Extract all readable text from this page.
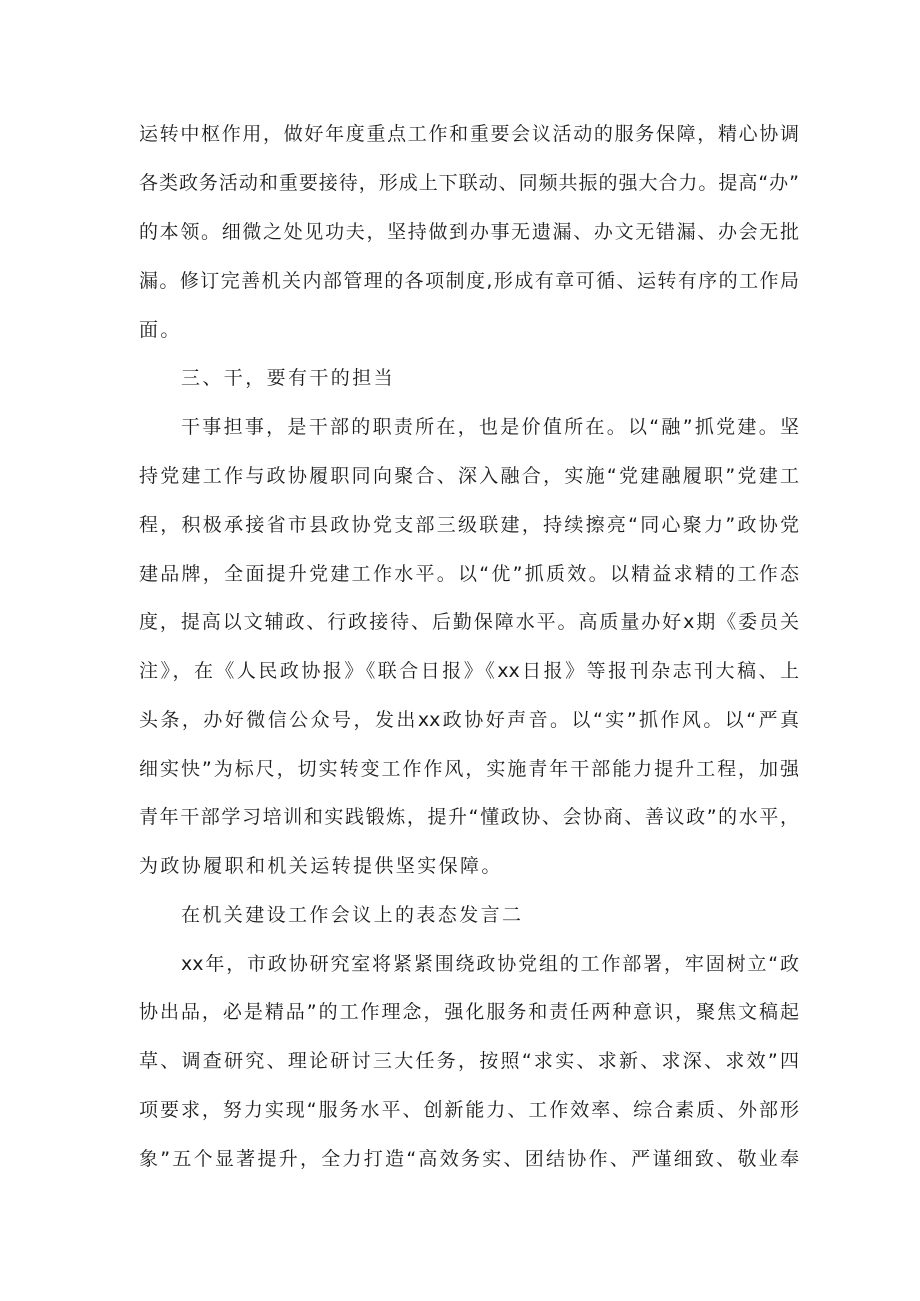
运转中枢作用，做好年度重点工作和重要会议活动的服务保障，精心协调

各类政务活动和重要接待，形成上下联动、同频共振的强大合力。提高“办”

的本领。细微之处见功夫，坚持做到办事无遗漏、办文无错漏、办会无批

漏。修订完善机关内部管理的各项制度,形成有章可循、运转有序的工作局

面。

三、干，要有干的担当

干事担事，是干部的职责所在，也是价值所在。以“融”抓党建。坚

持党建工作与政协履职同向聚合、深入融合，实施“党建融履职”党建工

程，积极承接省市县政协党支部三级联建，持续擦亮“同心聚力”政协党

建品牌，全面提升党建工作水平。以“优”抓质效。以精益求精的工作态

度，提高以文辅政、行政接待、后勤保障水平。高质量办好x期《委员关

注》，在《人民政协报》《联合日报》《xx日报》等报刊杂志刊大稿、上

头条，办好微信公众号，发出xx政协好声音。以“实”抓作风。以“严真

细实快”为标尺，切实转变工作作风，实施青年干部能力提升工程，加强

青年干部学习培训和实践锻炼，提升“懂政协、会协商、善议政”的水平，

为政协履职和机关运转提供坚实保障。

在机关建设工作会议上的表态发言二

xx年，市政协研究室将紧紧围绕政协党组的工作部署，牢固树立“政

协出品，必是精品”的工作理念，强化服务和责任两种意识，聚焦文稿起

草、调查研究、理论研讨三大任务，按照“求实、求新、求深、求效”四

项要求，努力实现“服务水平、创新能力、工作效率、综合素质、外部形

象”五个显著提升，全力打造“高效务实、团结协作、严谨细致、敬业奉
